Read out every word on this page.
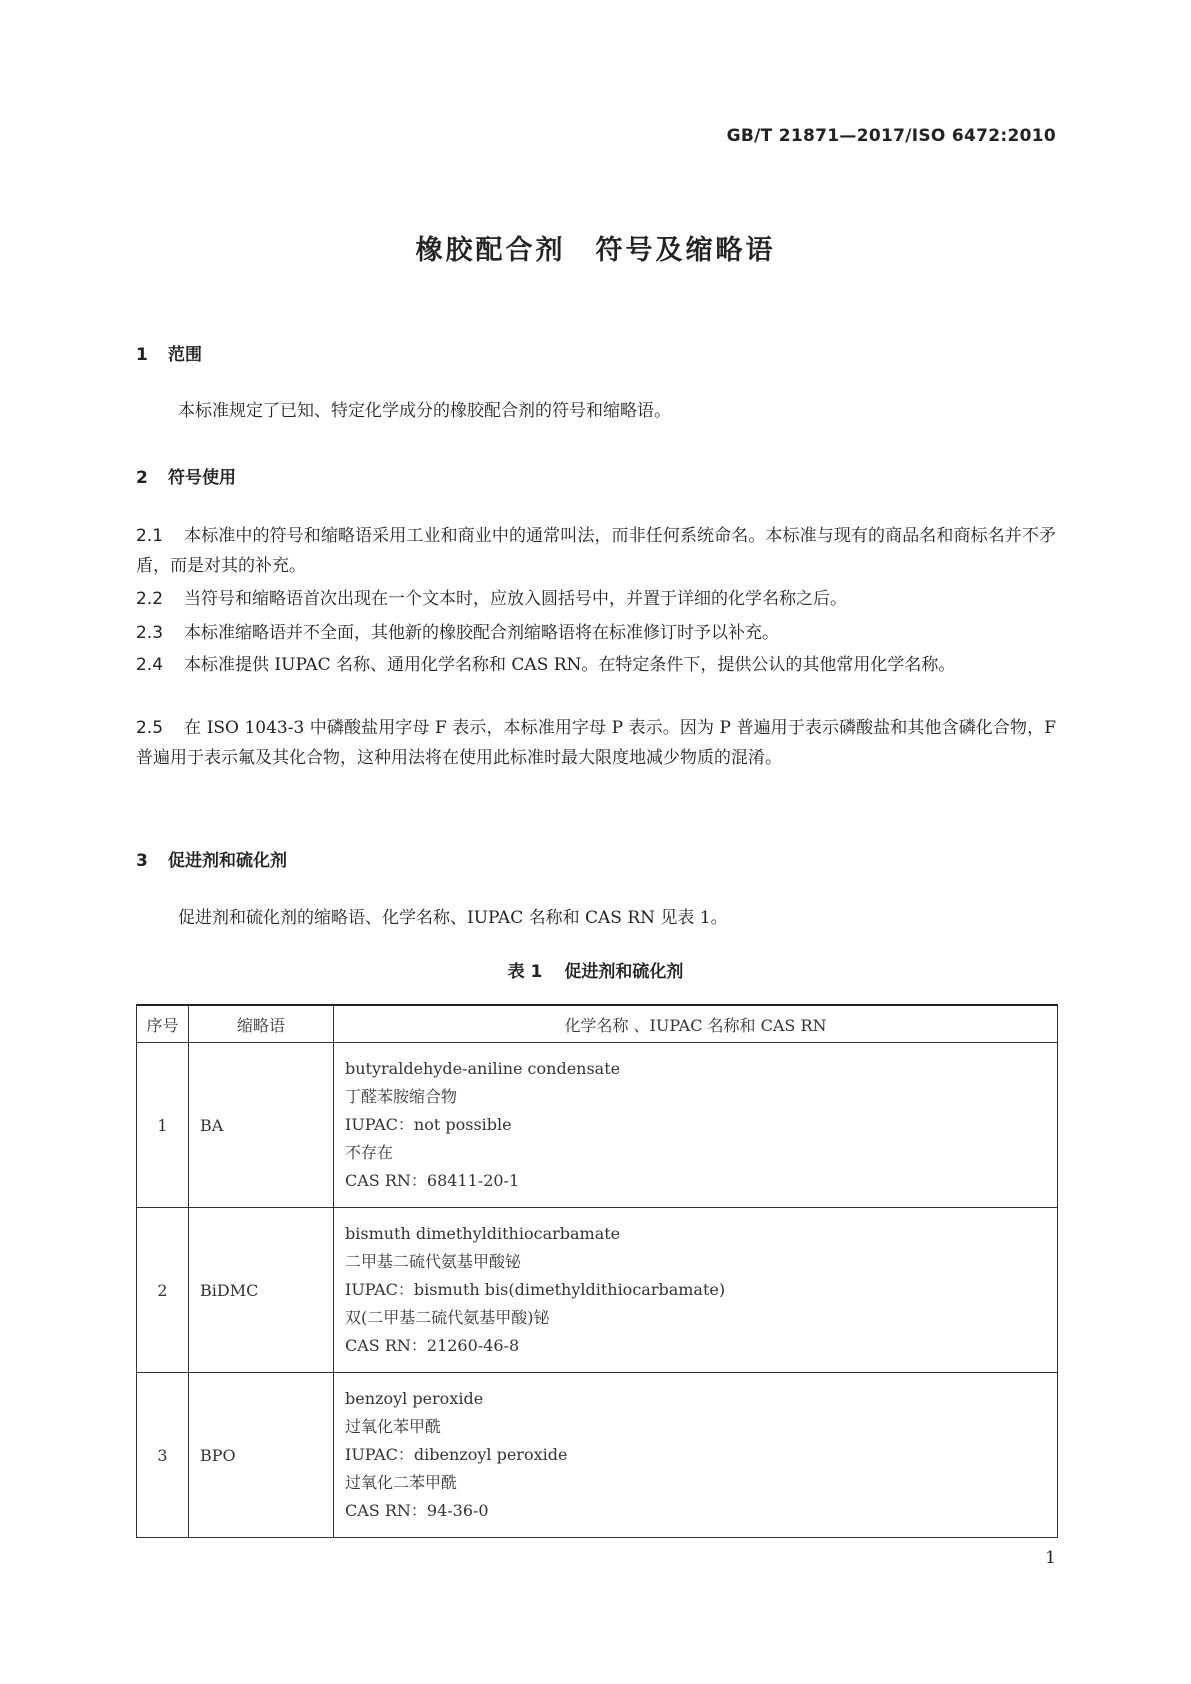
GB/T 21871—2017/ISO 6472:2010
橡胶配合剂　符号及缩略语
1 范围
本标准规定了已知、特定化学成分的橡胶配合剂的符号和缩略语。
2 符号使用
2.1 本标准中的符号和缩略语采用工业和商业中的通常叫法，而非任何系统命名。本标准与现有的商品名和商标名并不矛盾，而是对其的补充。
2.2 当符号和缩略语首次出现在一个文本时，应放入圆括号中，并置于详细的化学名称之后。
2.3 本标准缩略语并不全面，其他新的橡胶配合剂缩略语将在标准修订时予以补充。
2.4 本标准提供 IUPAC 名称、通用化学名称和 CAS RN。在特定条件下，提供公认的其他常用化学名称。
2.5 在 ISO 1043-3 中磷酸盐用字母 F 表示，本标准用字母 P 表示。因为 P 普遍用于表示磷酸盐和其他含磷化合物，F 普遍用于表示氟及其化合物，这种用法将在使用此标准时最大限度地减少物质的混淆。
3 促进剂和硫化剂
促进剂和硫化剂的缩略语、化学名称、IUPAC 名称和 CAS RN 见表 1。
表 1 促进剂和硫化剂
序号	缩略语	化学名称 、IUPAC 名称和 CAS RN
1	BA	butyraldehyde-aniline condensate
丁醛苯胺缩合物
IUPAC：not possible
不存在
CAS RN：68411-20-1

2	BiDMC	bismuth dimethyldithiocarbamate
二甲基二硫代氨基甲酸铋
IUPAC：bismuth bis(dimethyldithiocarbamate)
双(二甲基二硫代氨基甲酸)铋
CAS RN：21260-46-8

3	BPO	benzoyl peroxide
过氧化苯甲酰
IUPAC：dibenzoyl peroxide
过氧化二苯甲酰
CAS RN：94-36-0
1
